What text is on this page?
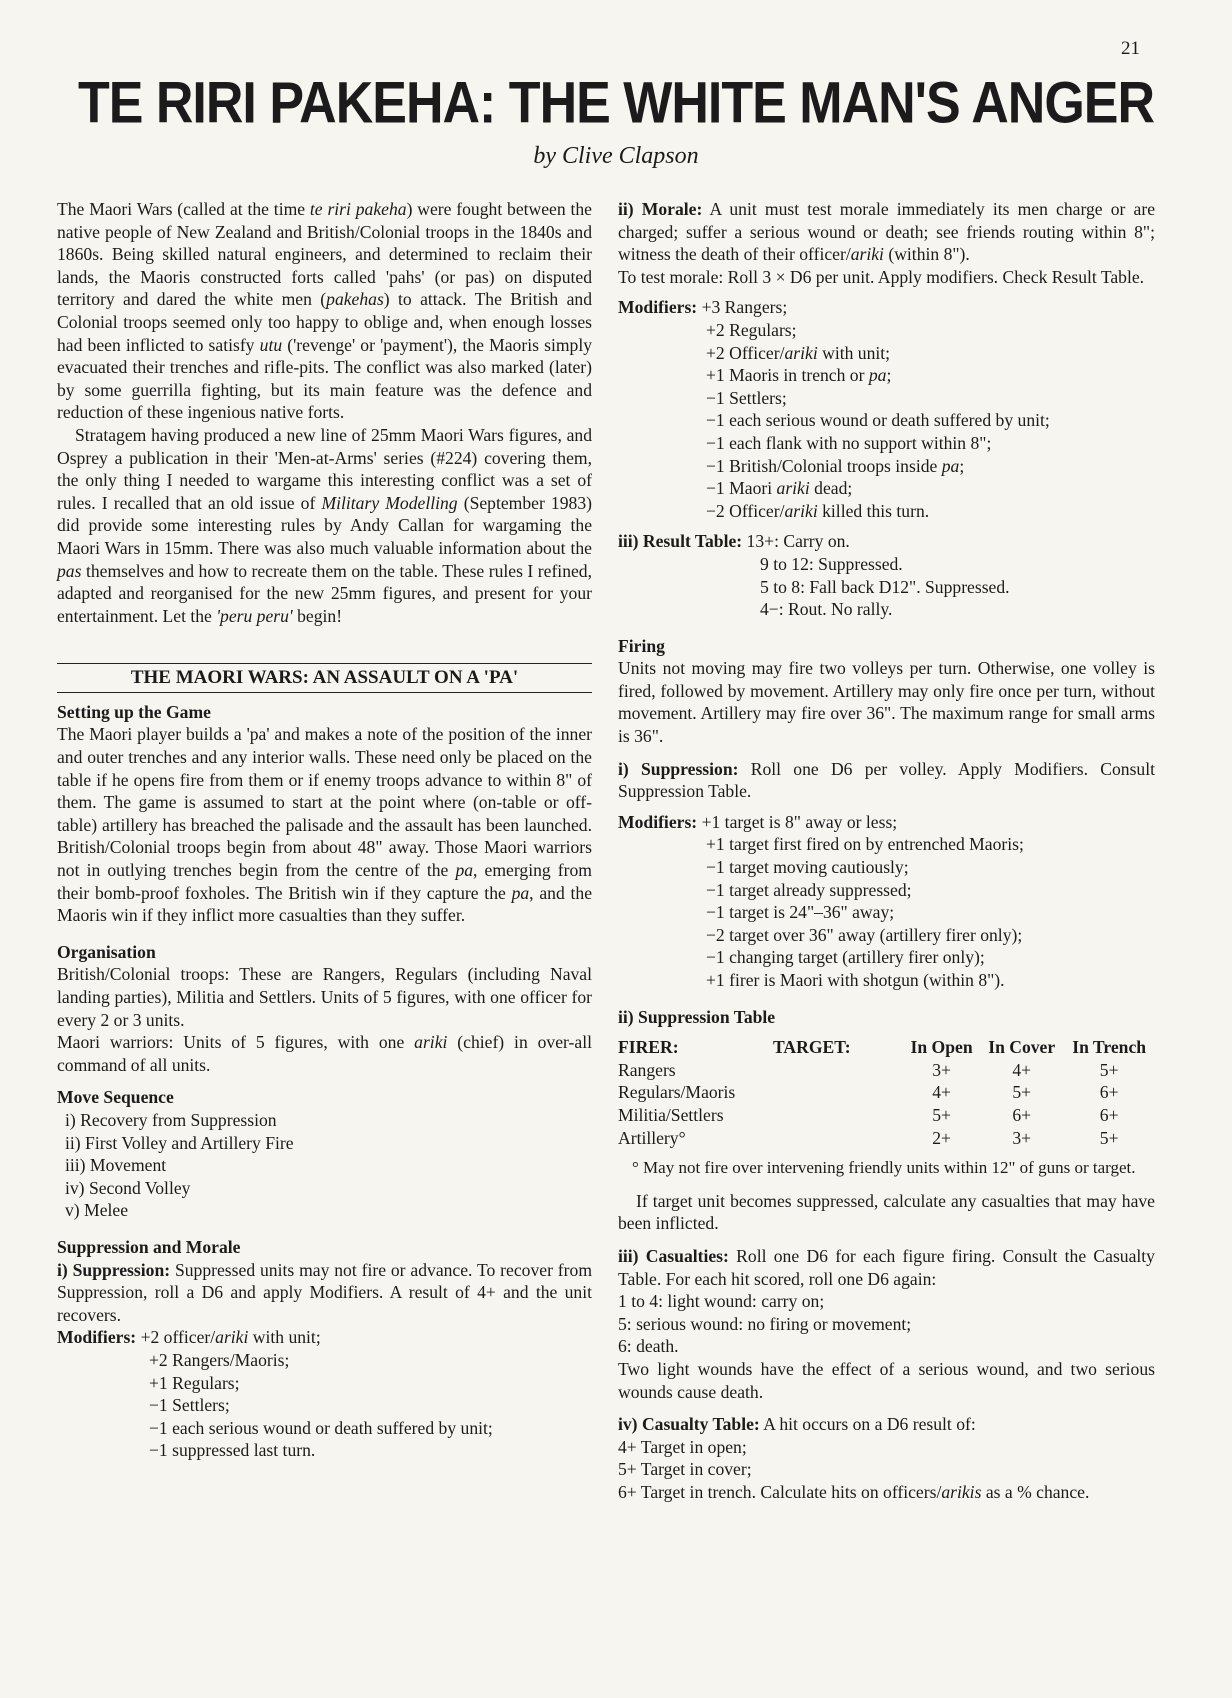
21
TE RIRI PAKEHA: THE WHITE MAN'S ANGER
by Clive Clapson

The Maori Wars (called at the time te riri pakeha) were fought between the native people of New Zealand and British/Colonial troops in the 1840s and 1860s. Being skilled natural engineers, and determined to reclaim their lands, the Maoris constructed forts called 'pahs' (or pas) on disputed territory and dared the white men (pakehas) to attack. The British and Colonial troops seemed only too happy to oblige and, when enough losses had been inflicted to satisfy utu ('revenge' or 'payment'), the Maoris simply evacuated their trenches and rifle-pits. The conflict was also marked (later) by some guerrilla fighting, but its main feature was the defence and reduction of these ingenious native forts.

Stratagem having produced a new line of 25mm Maori Wars figures, and Osprey a publication in their 'Men-at-Arms' series (#224) covering them, the only thing I needed to wargame this interesting conflict was a set of rules. I recalled that an old issue of Military Modelling (September 1983) did provide some interesting rules by Andy Callan for wargaming the Maori Wars in 15mm. There was also much valuable information about the pas themselves and how to recreate them on the table. These rules I refined, adapted and reorganised for the new 25mm figures, and present for your entertainment. Let the 'peru peru' begin!

THE MAORI WARS: AN ASSAULT ON A 'PA'
Setting up the Game

The Maori player builds a 'pa' and makes a note of the position of the inner and outer trenches and any interior walls. These need only be placed on the table if he opens fire from them or if enemy troops advance to within 8" of them. The game is assumed to start at the point where (on-table or off-table) artillery has breached the palisade and the assault has been launched. British/Colonial troops begin from about 48" away. Those Maori warriors not in outlying trenches begin from the centre of the pa, emerging from their bomb-proof foxholes. The British win if they capture the pa, and the Maoris win if they inflict more casualties than they suffer.

Organisation

British/Colonial troops: These are Rangers, Regulars (including Naval landing parties), Militia and Settlers. Units of 5 figures, with one officer for every 2 or 3 units.

Maori warriors: Units of 5 figures, with one ariki (chief) in over-all command of all units.

Move Sequence
i) Recovery from Suppression
ii) First Volley and Artillery Fire
iii) Movement
iv) Second Volley
v) Melee
Suppression and Morale

i) Suppression: Suppressed units may not fire or advance. To recover from Suppression, roll a D6 and apply Modifiers. A result of 4+ and the unit recovers.

Modifiers: +2 officer/ariki with unit;
+2 Rangers/Maoris;
+1 Regulars;
−1 Settlers;
−1 each serious wound or death suffered by unit;
−1 suppressed last turn.

ii) Morale: A unit must test morale immediately its men charge or are charged; suffer a serious wound or death; see friends routing within 8"; witness the death of their officer/ariki (within 8").

To test morale: Roll 3 × D6 per unit. Apply modifiers. Check Result Table.

Modifiers: +3 Rangers;
+2 Regulars;
+2 Officer/ariki with unit;
+1 Maoris in trench or pa;
−1 Settlers;
−1 each serious wound or death suffered by unit;
−1 each flank with no support within 8";
−1 British/Colonial troops inside pa;
−1 Maori ariki dead;
−2 Officer/ariki killed this turn.
iii) Result Table: 13+: Carry on.
9 to 12: Suppressed.
5 to 8: Fall back D12". Suppressed.
4−: Rout. No rally.
Firing

Units not moving may fire two volleys per turn. Otherwise, one volley is fired, followed by movement. Artillery may only fire once per turn, without movement. Artillery may fire over 36". The maximum range for small arms is 36".

i) Suppression: Roll one D6 per volley. Apply Modifiers. Consult Suppression Table.

Modifiers: +1 target is 8" away or less;
+1 target first fired on by entrenched Maoris;
−1 target moving cautiously;
−1 target already suppressed;
−1 target is 24"–36" away;
−2 target over 36" away (artillery firer only);
−1 changing target (artillery firer only);
+1 firer is Maori with shotgun (within 8").
ii) Suppression Table
FIRER:	TARGET:	In Open	In Cover	In Trench
Rangers		3+	4+	5+
Regulars/Maoris		4+	5+	6+
Militia/Settlers		5+	6+	6+
Artillery°		2+	3+	5+

° May not fire over intervening friendly units within 12" of guns or target.

If target unit becomes suppressed, calculate any casualties that may have been inflicted.

iii) Casualties: Roll one D6 for each figure firing. Consult the Casualty Table. For each hit scored, roll one D6 again:

1 to 4: light wound: carry on;
5: serious wound: no firing or movement;
6: death.

Two light wounds have the effect of a serious wound, and two serious wounds cause death.

iv) Casualty Table: A hit occurs on a D6 result of:

4+ Target in open;
5+ Target in cover;

6+ Target in trench. Calculate hits on officers/arikis as a % chance.
